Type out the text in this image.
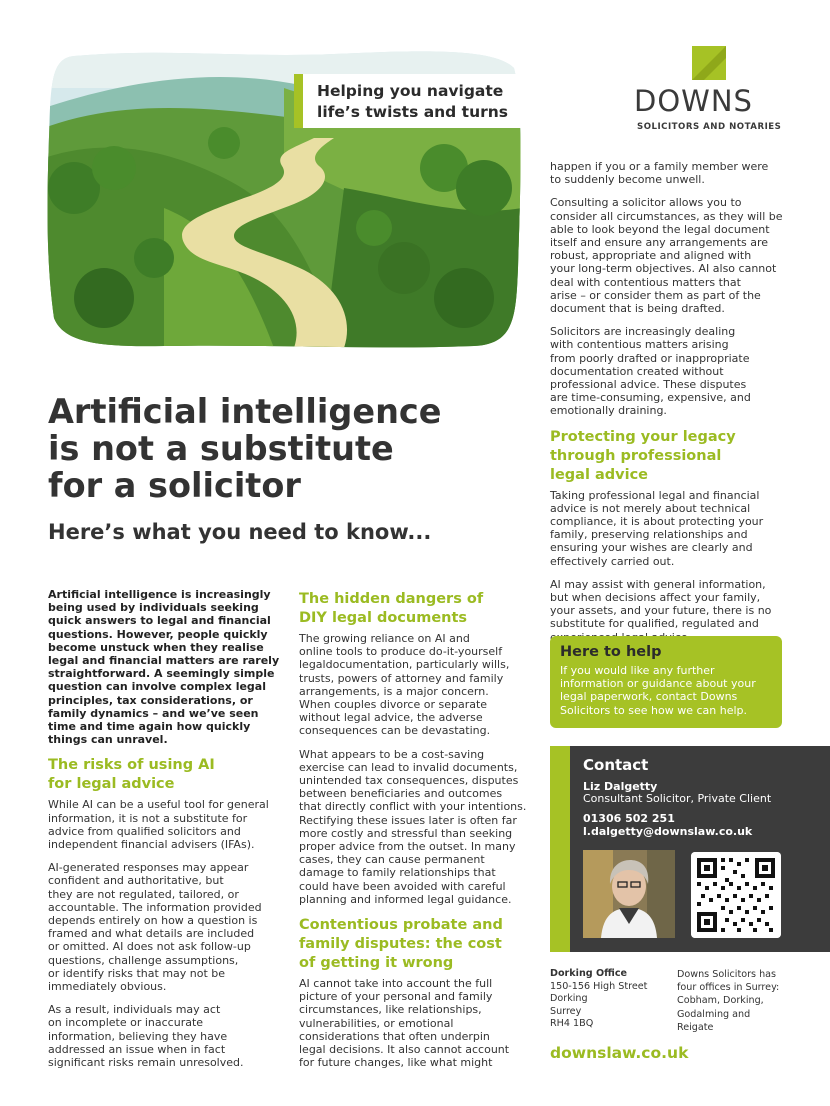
Helping you navigate
life’s twists and turns	DOWNS
SOLICITORS AND NOTARIES
Artificial intelligence
is not a substitute
for a solicitor
Here’s what you need to know...

Artificial intelligence is increasingly
being used by individuals seeking
quick answers to legal and financial
questions. However, people quickly
become unstuck when they realise
legal and financial matters are rarely
straightforward. A seemingly simple
question can involve complex legal
principles, tax considerations, or
family dynamics – and we’ve seen
time and time again how quickly
things can unravel.

The risks of using AI
for legal advice

While AI can be a useful tool for general
information, it is not a substitute for
advice from qualified solicitors and
independent financial advisers (IFAs).

AI-generated responses may appear
confident and authoritative, but
they are not regulated, tailored, or
accountable. The information provided
depends entirely on how a question is
framed and what details are included
or omitted. AI does not ask follow-up
questions, challenge assumptions,
or identify risks that may not be
immediately obvious.

As a result, individuals may act
on incomplete or inaccurate
information, believing they have
addressed an issue when in fact
significant risks remain unresolved.

The hidden dangers of
DIY legal documents

The growing reliance on AI and
online tools to produce do-it-yourself
legaldocumentation, particularly wills,
trusts, powers of attorney and family
arrangements, is a major concern.
When couples divorce or separate
without legal advice, the adverse
consequences can be devastating.

What appears to be a cost-saving
exercise can lead to invalid documents,
unintended tax consequences, disputes
between beneficiaries and outcomes
that directly conflict with your intentions.
Rectifying these issues later is often far
more costly and stressful than seeking
proper advice from the outset. In many
cases, they can cause permanent
damage to family relationships that
could have been avoided with careful
planning and informed legal guidance.

Contentious probate and
family disputes: the cost
of getting it wrong

AI cannot take into account the full
picture of your personal and family
circumstances, like relationships,
vulnerabilities, or emotional
considerations that often underpin
legal decisions. It also cannot account
for future changes, like what might

happen if you or a family member were
to suddenly become unwell.

Consulting a solicitor allows you to
consider all circumstances, as they will be
able to look beyond the legal document
itself and ensure any arrangements are
robust, appropriate and aligned with
your long-term objectives. AI also cannot
deal with contentious matters that
arise – or consider them as part of the
document that is being drafted.

Solicitors are increasingly dealing
with contentious matters arising
from poorly drafted or inappropriate
documentation created without
professional advice. These disputes
are time-consuming, expensive, and
emotionally draining.

Protecting your legacy
through professional
legal advice

Taking professional legal and financial
advice is not merely about technical
compliance, it is about protecting your
family, preserving relationships and
ensuring your wishes are clearly and
effectively carried out.

AI may assist with general information,
but when decisions affect your family,
your assets, and your future, there is no
substitute for qualified, regulated and

Here to help

If you would like any further
information or guidance about your
legal paperwork, contact Downs
Solicitors to see how we can help.

Contact
Liz Dalgetty
Consultant Solicitor, Private Client
01306 502 251
l.dalgetty@downslaw.co.uk
Dorking Office
150-156 High Street
Dorking
Surrey
RH4 1BQ
Downs Solicitors has
four offices in Surrey:
Cobham, Dorking,
Godalming and
Reigate
downslaw.co.uk
